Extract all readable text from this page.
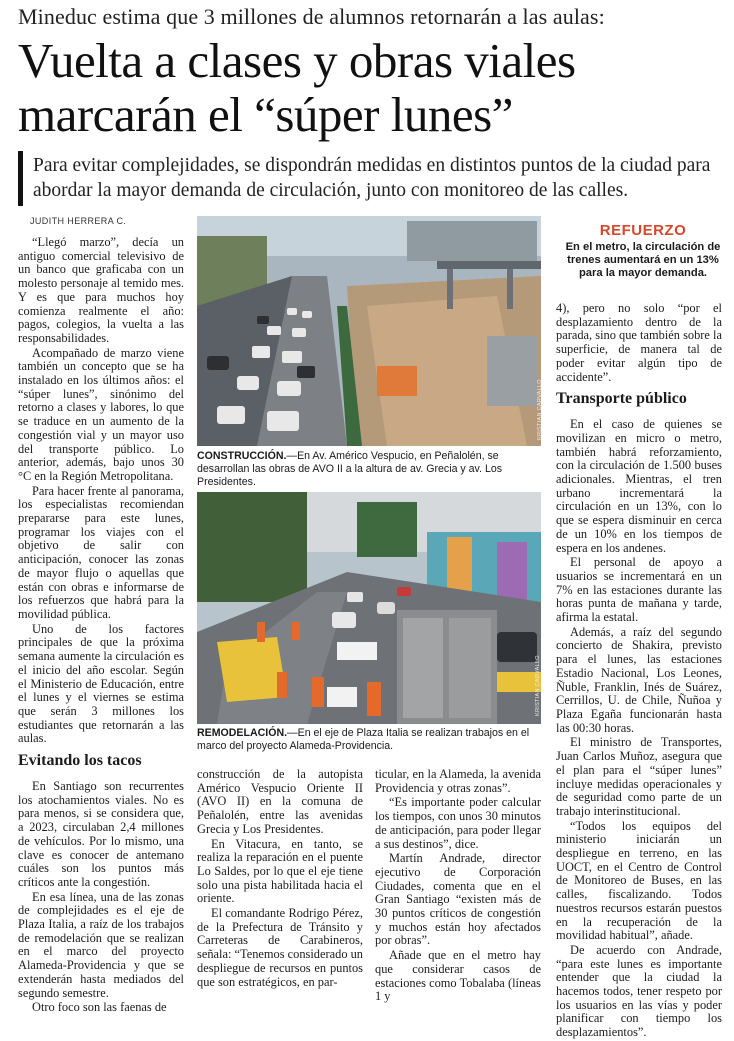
Mineduc estima que 3 millones de alumnos retornarán a las aulas:
Vuelta a clases y obras viales
marcarán el “súper lunes”
Para evitar complejidades, se dispondrán medidas en distintos puntos de la ciudad para abordar la mayor demanda de circulación, junto con monitoreo de las calles.
JUDITH HERRERA C.

“Llegó marzo”, decía un antiguo comercial televisivo de un banco que graficaba con un molesto personaje al temido mes. Y es que para muchos hoy comienza realmente el año: pagos, colegios, la vuelta a las responsabilidades.

Acompañado de marzo viene también un concepto que se ha instalado en los últimos años: el “súper lunes”, sinónimo del retorno a clases y labores, lo que se traduce en un aumento de la congestión vial y un mayor uso del transporte público. Lo anterior, además, bajo unos 30 °C en la Región Metropolitana.

Para hacer frente al panorama, los especialistas recomiendan prepararse para este lunes, programar los viajes con el objetivo de salir con anticipación, conocer las zonas de mayor flujo o aquellas que están con obras e informarse de los refuerzos que habrá para la movilidad pública.

Uno de los factores principales de que la próxima semana aumente la circulación es el inicio del año escolar. Según el Ministerio de Educación, entre el lunes y el viernes se estima que serán 3 millones los estudiantes que retornarán a las aulas.

Evitando los tacos

En Santiago son recurrentes los atochamientos viales. No es para menos, si se considera que, a 2023, circulaban 2,4 millones de vehículos. Por lo mismo, una clave es conocer de antemano cuáles son los puntos más críticos ante la congestión.

En esa línea, una de las zonas de complejidades es el eje de Plaza Italia, a raíz de los trabajos de remodelación que se realizan en el marco del proyecto Alameda-Providencia y que se extenderán hasta mediados del segundo semestre.

Otro foco son las faenas de

KRISTIAN CARVALLO
CONSTRUCCIÓN.—En Av. Américo Vespucio, en Peñalolén, se desarrollan las obras de AVO II a la altura de av. Grecia y av. Los Presidentes.
KRISTIAN CARVALLO
REMODELACIÓN.—En el eje de Plaza Italia se realizan trabajos en el marco del proyecto Alameda-Providencia.

construcción de la autopista Américo Vespucio Oriente II (AVO II) en la comuna de Peñalolén, entre las avenidas Grecia y Los Presidentes.

En Vitacura, en tanto, se realiza la reparación en el puente Lo Saldes, por lo que el eje tiene solo una pista habilitada hacia el oriente.

El comandante Rodrigo Pérez, de la Prefectura de Tránsito y Carreteras de Carabineros, señala: “Tenemos considerado un despliegue de recursos en puntos que son estratégicos, en par-

ticular, en la Alameda, la avenida Providencia y otras zonas”.

“Es importante poder calcular los tiempos, con unos 30 minutos de anticipación, para poder llegar a sus destinos”, dice.

Martín Andrade, director ejecutivo de Corporación Ciudades, comenta que en el Gran Santiago “existen más de 30 puntos críticos de congestión y muchos están hoy afectados por obras”.

Añade que en el metro hay que considerar casos de estaciones como Tobalaba (líneas 1 y

REFUERZO
En el metro, la circulación de trenes aumentará en un 13% para la mayor demanda.

4), pero no solo “por el desplazamiento dentro de la parada, sino que también sobre la superficie, de manera tal de poder evitar algún tipo de accidente”.

Transporte público

En el caso de quienes se movilizan en micro o metro, también habrá reforzamiento, con la circulación de 1.500 buses adicionales. Mientras, el tren urbano incrementará la circulación en un 13%, con lo que se espera disminuir en cerca de un 10% en los tiempos de espera en los andenes.

El personal de apoyo a usuarios se incrementará en un 7% en las estaciones durante las horas punta de mañana y tarde, afirma la estatal.

Además, a raíz del segundo concierto de Shakira, previsto para el lunes, las estaciones Estadio Nacional, Los Leones, Ñuble, Franklin, Inés de Suárez, Cerrillos, U. de Chile, Ñuñoa y Plaza Egaña funcionarán hasta las 00:30 horas.

El ministro de Transportes, Juan Carlos Muñoz, asegura que el plan para el “súper lunes” incluye medidas operacionales y de seguridad como parte de un trabajo interinstitucional.

“Todos los equipos del ministerio iniciarán un despliegue en terreno, en las UOCT, en el Centro de Control de Monitoreo de Buses, en las calles, fiscalizando. Todos nuestros recursos estarán puestos en la recuperación de la movilidad habitual”, añade.

De acuerdo con Andrade, “para este lunes es importante entender que la ciudad la hacemos todos, tener respeto por los usuarios en las vías y poder planificar con tiempo los desplazamientos”.
